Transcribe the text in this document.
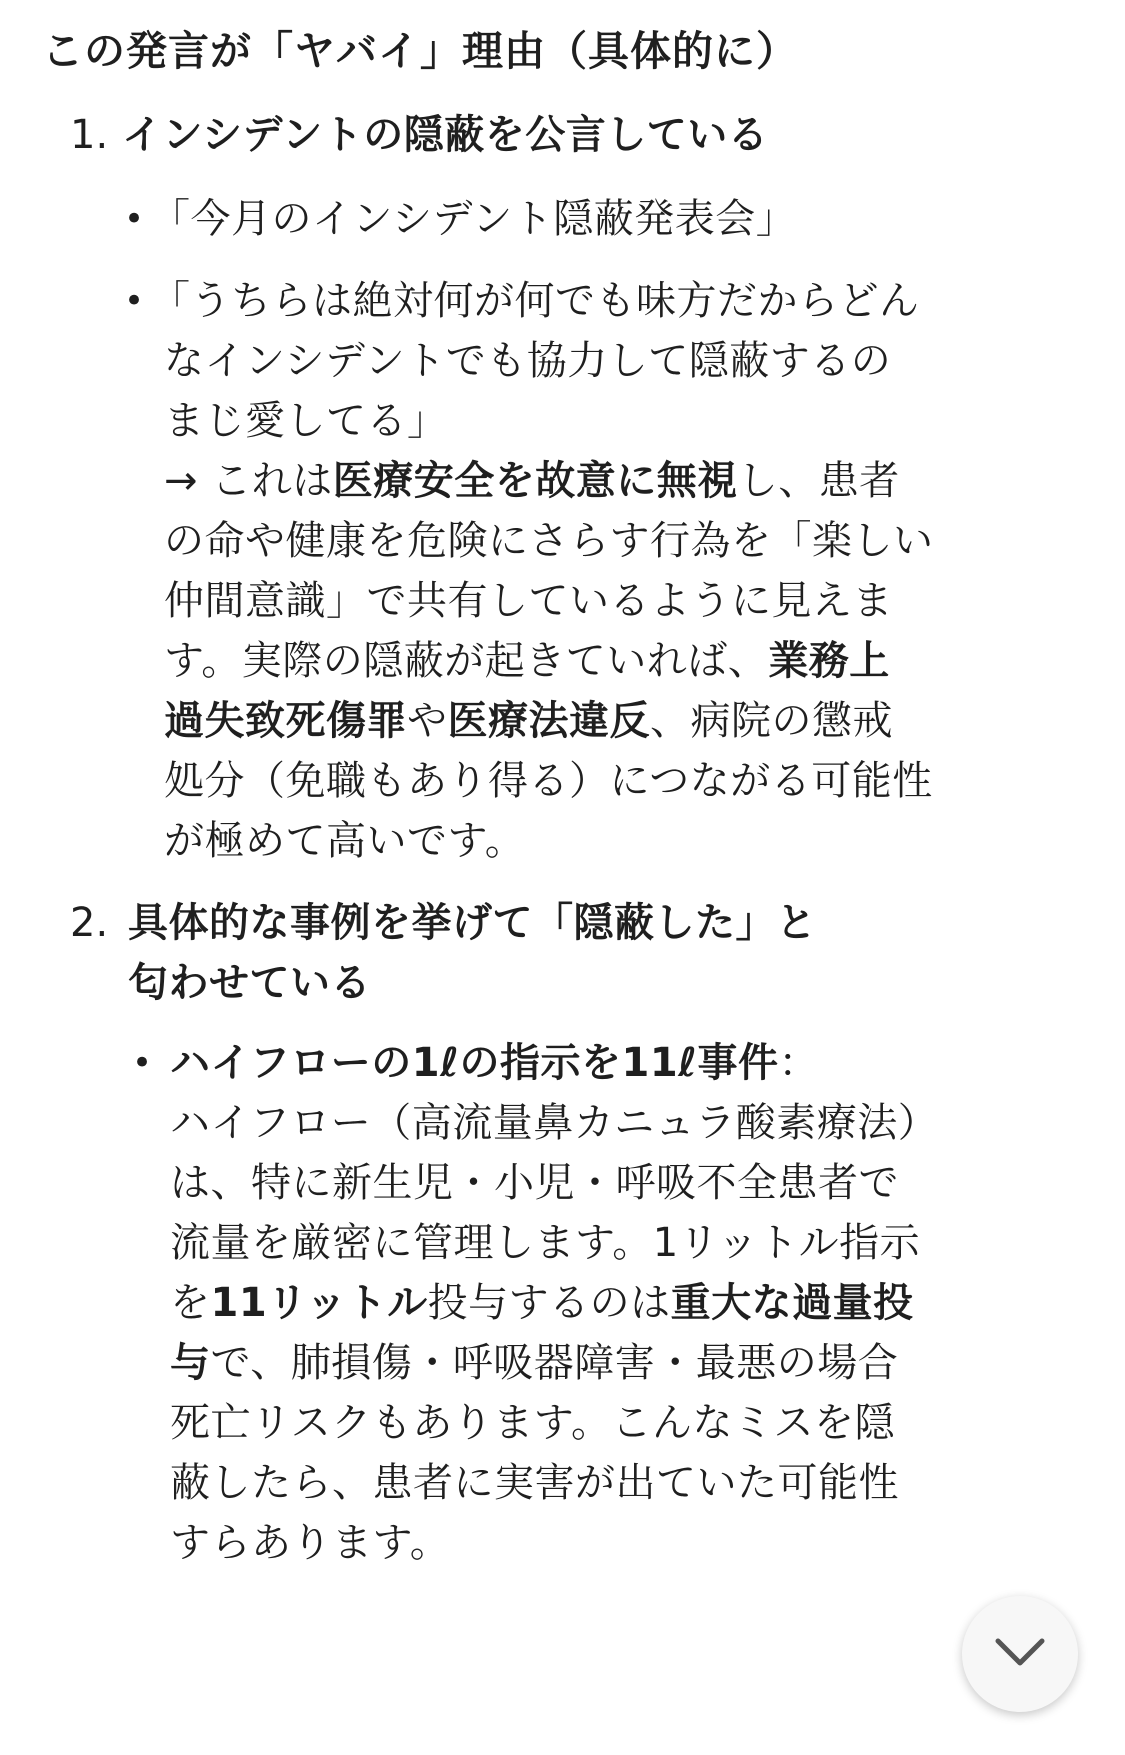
この発言が「ヤバイ」理由（具体的に）
1. インシデントの隠蔽を公言している
• 「今月のインシデント隠蔽発表会」
• 「うちらは絶対何が何でも味方だからどん
なインシデントでも協力して隠蔽するの
まじ愛してる」
→ これは医療安全を故意に無視し、患者
の命や健康を危険にさらす行為を「楽しい
仲間意識」で共有しているように見えま
す。実際の隠蔽が起きていれば、業務上
過失致死傷罪や医療法違反、病院の懲戒
処分（免職もあり得る）につながる可能性
が極めて高いです。
2. 具体的な事例を挙げて「隠蔽した」と
匂わせている
• ハイフローの1ℓの指示を11ℓ事件：
ハイフロー（高流量鼻カニュラ酸素療法）
は、特に新生児・小児・呼吸不全患者で
流量を厳密に管理します。1リットル指示
を11リットル投与するのは重大な過量投
与で、肺損傷・呼吸器障害・最悪の場合
死亡リスクもあります。こんなミスを隠
蔽したら、患者に実害が出ていた可能性
すらあります。
